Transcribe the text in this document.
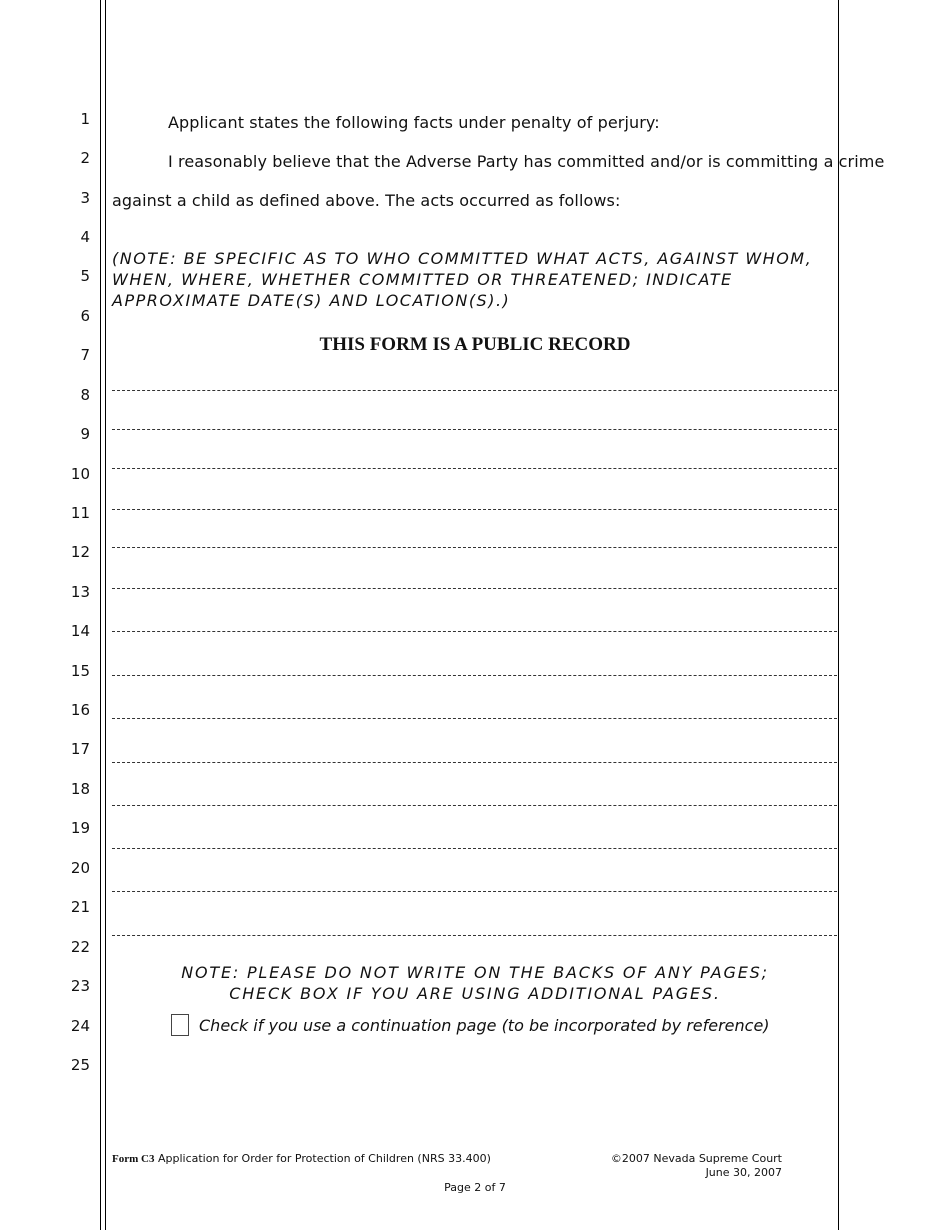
1
2
3
4
5
6
7
8
9
10
11
12
13
14
15
16
17
18
19
20
21
22
23
24
25
Applicant states the following facts under penalty of perjury:
I reasonably believe that the Adverse Party has committed and/or is committing a crime
against a child as defined above. The acts occurred as follows:
(NOTE: BE SPECIFIC AS TO WHO COMMITTED WHAT ACTS, AGAINST WHOM,
WHEN, WHERE, WHETHER COMMITTED OR THREATENED; INDICATE
APPROXIMATE DATE(S) AND LOCATION(S).)
THIS FORM IS A PUBLIC RECORD
NOTE: PLEASE DO NOT WRITE ON THE BACKS OF ANY PAGES;
CHECK BOX IF YOU ARE USING ADDITIONAL PAGES.
Check if you use a continuation page (to be incorporated by reference)
Form C3 Application for Order for Protection of Children (NRS 33.400)	©2007 Nevada Supreme Court
June 30, 2007
Page 2 of 7
